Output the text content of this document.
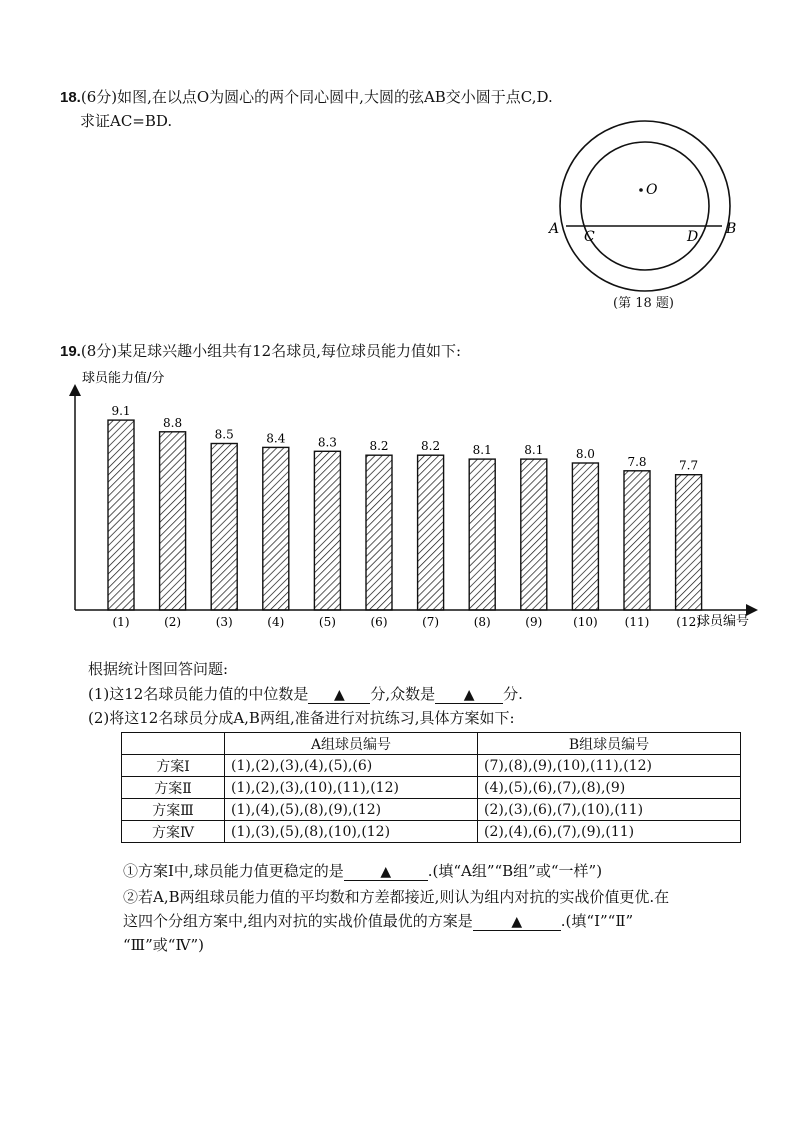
18.(6分)如图,在以点O为圆心的两个同心圆中,大圆的弦AB交小圆于点C,D.
求证AC=BD.
O
A C	D B
(第 18 题)
19.(8分)某足球兴趣小组共有12名球员,每位球员能力值如下:
球员能力值/分
球员编号
9.1
(1)
8.8
(2)
8.5
(3)
8.4
(4)
8.3
(5)
8.2
(6)
8.2
(7)
8.1
(8)
8.1
(9)
8.0
(10)
7.8
(11)
7.7
(12)
根据统计图回答问题:
(1)这12名球员能力值的中位数是 ▲ 分,众数是 ▲ 分.
(2)将这12名球员分成A,B两组,准备进行对抗练习,具体方案如下:
	A组球员编号	B组球员编号
方案Ⅰ	(1),(2),(3),(4),(5),(6)	(7),(8),(9),(10),(11),(12)
方案Ⅱ	(1),(2),(3),(10),(11),(12)	(4),(5),(6),(7),(8),(9)
方案Ⅲ	(1),(4),(5),(8),(9),(12)	(2),(3),(6),(7),(10),(11)
方案Ⅳ	(1),(3),(5),(8),(10),(12)	(2),(4),(6),(7),(9),(11)
①方案Ⅰ中,球员能力值更稳定的是	▲ .(填“A组”“B组”或“一样”)
②若A,B两组球员能力值的平均数和方差都接近,则认为组内对抗的实战价值更优.在
这四个分组方案中,组内对抗的实战价值最优的方案是	▲	.(填“Ⅰ”“Ⅱ”
“Ⅲ”或“Ⅳ”)
